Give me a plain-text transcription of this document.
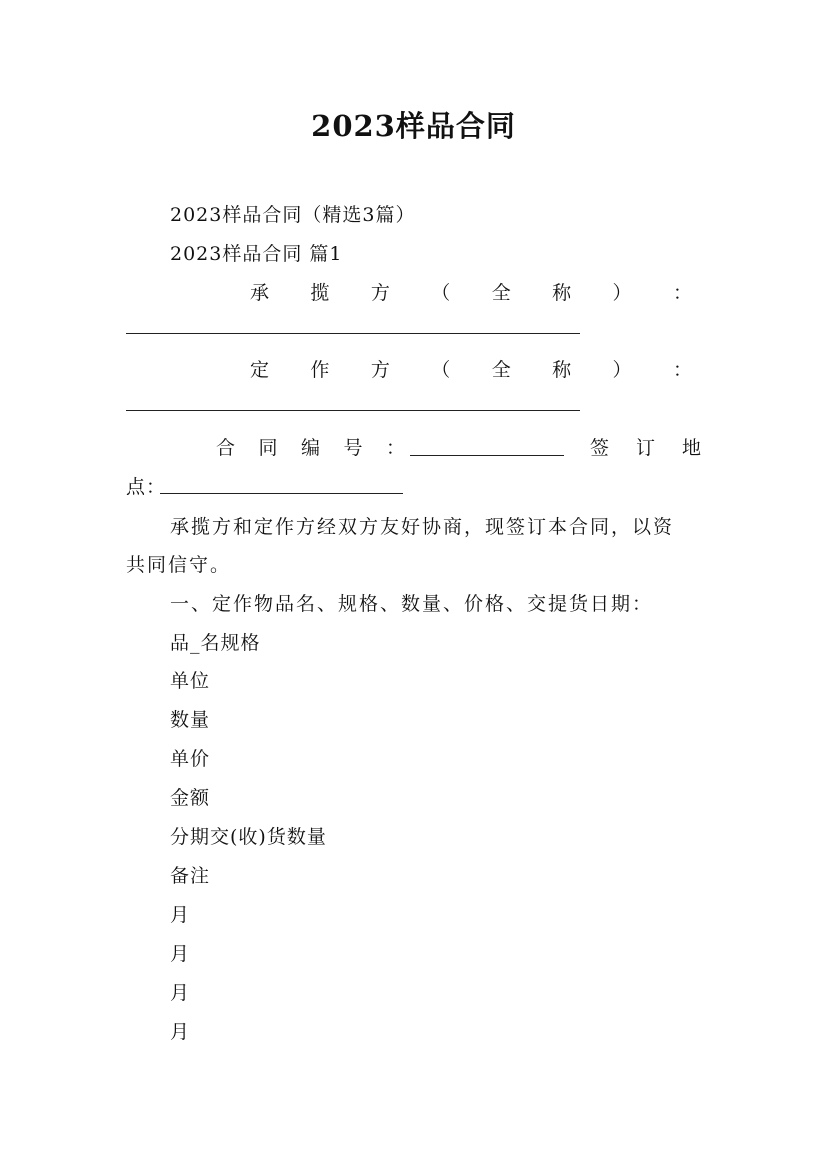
2023样品合同
2023样品合同（精选3篇）
2023样品合同 篇1
承 揽 方 （ 全 称 ） ：
定 作 方 （ 全 称 ） ：
合 同 编 号 ：	签 订 地
点：
承揽方和定作方经双方友好协商，现签订本合同，以资
共同信守。
一、定作物品名、规格、数量、价格、交提货日期：
品_名规格
单位
数量
单价
金额
分期交(收)货数量
备注
月
月
月
月
